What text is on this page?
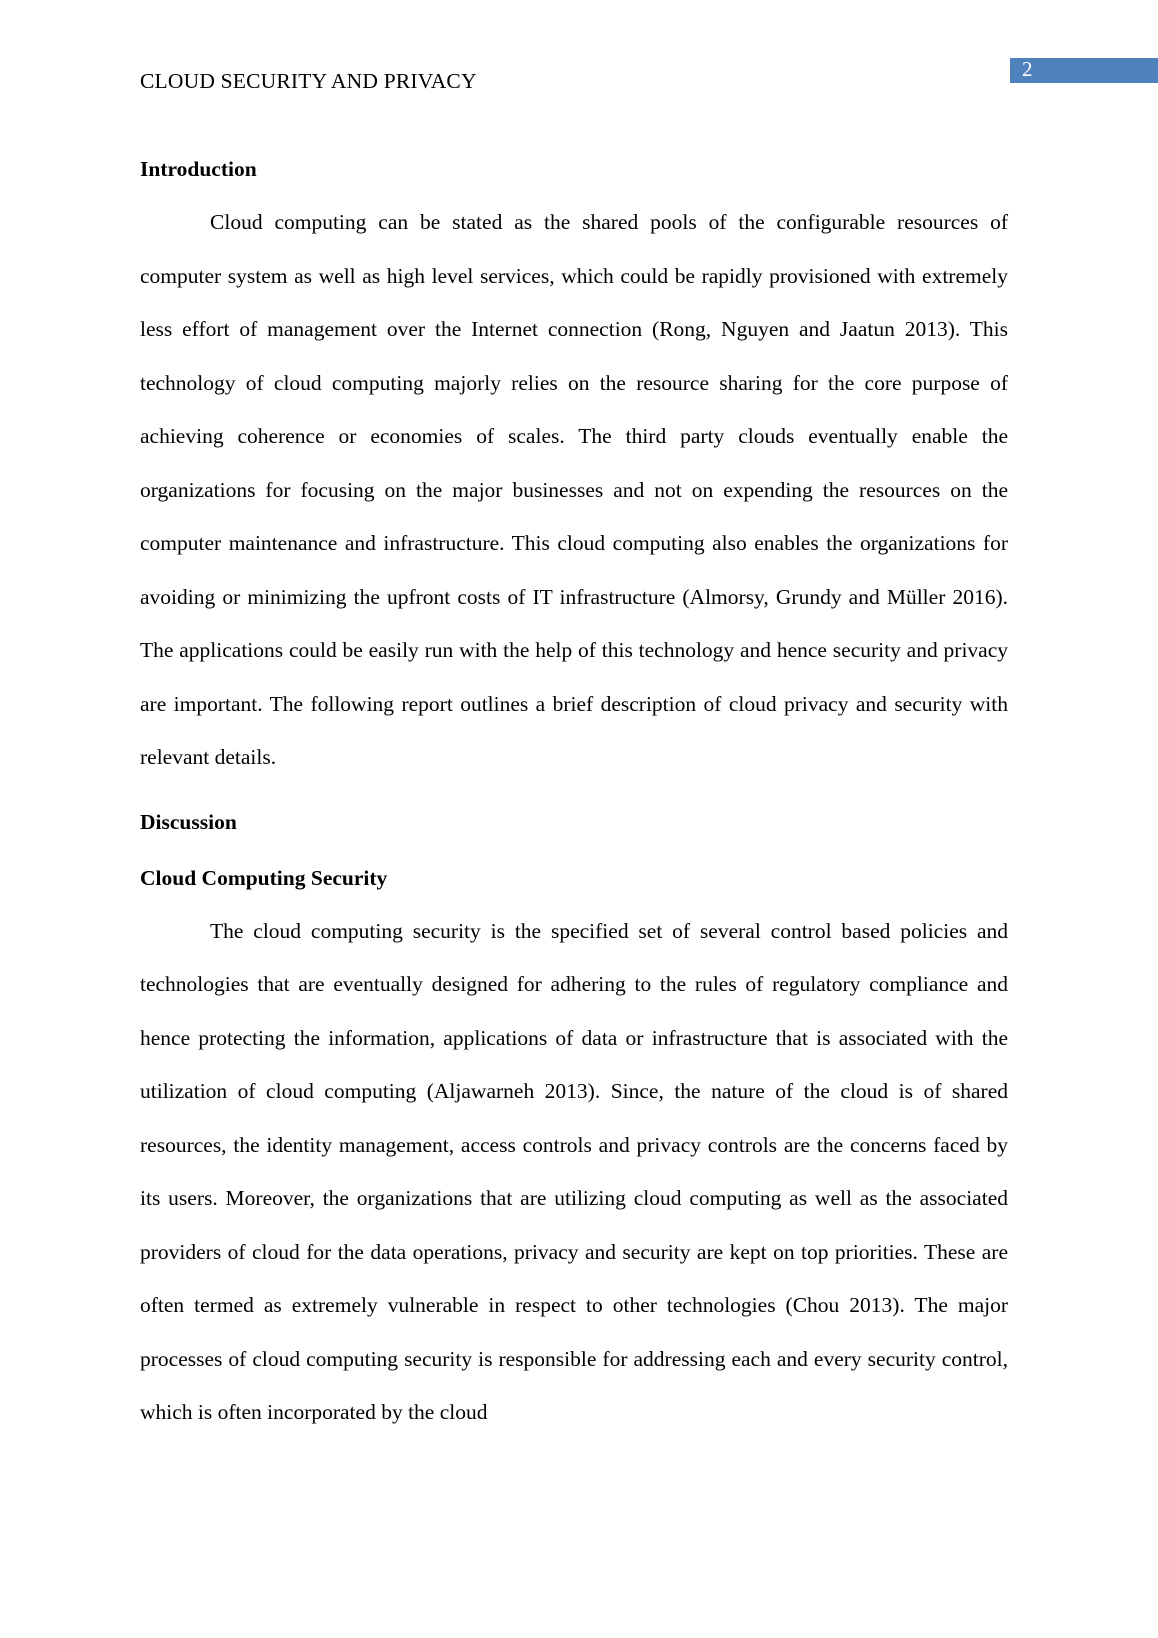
2
CLOUD SECURITY AND PRIVACY
Introduction

Cloud computing can be stated as the shared pools of the configurable resources of computer system as well as high level services, which could be rapidly provisioned with extremely less effort of management over the Internet connection (Rong, Nguyen and Jaatun 2013). This technology of cloud computing majorly relies on the resource sharing for the core purpose of achieving coherence or economies of scales. The third party clouds eventually enable the organizations for focusing on the major businesses and not on expending the resources on the computer maintenance and infrastructure. This cloud computing also enables the organizations for avoiding or minimizing the upfront costs of IT infrastructure (Almorsy, Grundy and Müller 2016). The applications could be easily run with the help of this technology and hence security and privacy are important. The following report outlines a brief description of cloud privacy and security with relevant details.

Discussion
Cloud Computing Security

The cloud computing security is the specified set of several control based policies and technologies that are eventually designed for adhering to the rules of regulatory compliance and hence protecting the information, applications of data or infrastructure that is associated with the utilization of cloud computing (Aljawarneh 2013). Since, the nature of the cloud is of shared resources, the identity management, access controls and privacy controls are the concerns faced by its users. Moreover, the organizations that are utilizing cloud computing as well as the associated providers of cloud for the data operations, privacy and security are kept on top priorities. These are often termed as extremely vulnerable in respect to other technologies (Chou 2013). The major processes of cloud computing security is responsible for addressing each and every security control, which is often incorporated by the cloud
